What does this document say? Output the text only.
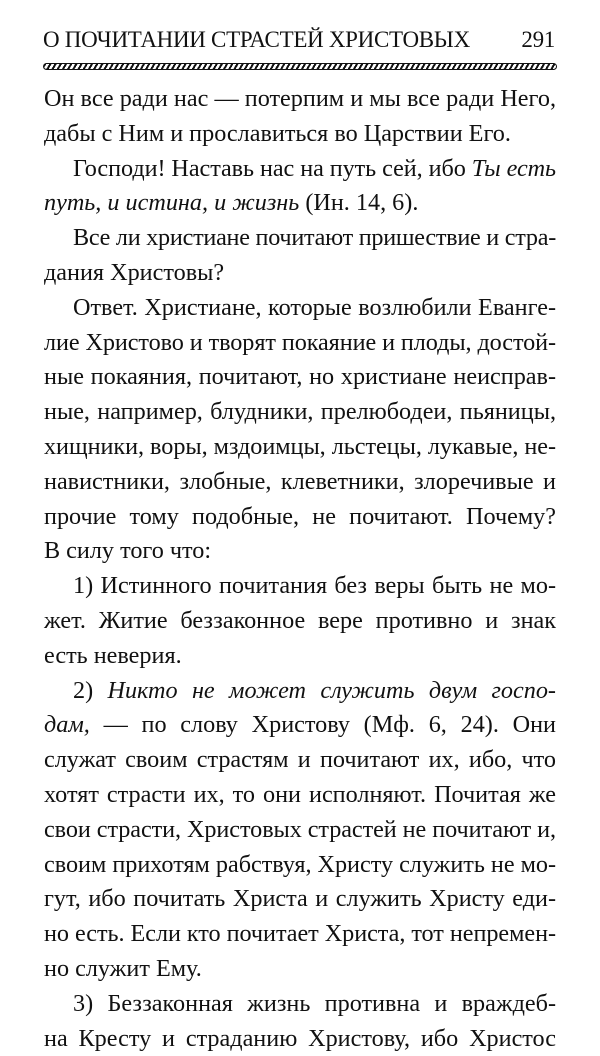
О ПОЧИТАНИИ СТРАСТЕЙ ХРИСТОВЫХ 291
Он все ради нас — потерпим и мы все ради Него,
дабы с Ним и прославиться во Царствии Его.
Господи! Наставь нас на путь сей, ибо Ты есть
путь, и истина, и жизнь (Ин. 14, 6).
Все ли христиане почитают пришествие и стра-
дания Христовы?
Ответ. Христиане, которые возлюбили Еванге-
лие Христово и творят покаяние и плоды, достой-
ные покаяния, почитают, но христиане неисправ-
ные, например, блудники, прелюбодеи, пьяницы,
хищники, воры, мздоимцы, льстецы, лукавые, не-
навистники, злобные, клеветники, злоречивые и
прочие тому подобные, не почитают. Почему?
В силу того что:
1) Истинного почитания без веры быть не мо-
жет. Житие беззаконное вере противно и знак
есть неверия.
2) Никто не может служить двум госпо-
дам, — по слову Христову (Мф. 6, 24). Они
служат своим страстям и почитают их, ибо, что
хотят страсти их, то они исполняют. Почитая же
свои страсти, Христовых страстей не почитают и,
своим прихотям рабствуя, Христу служить не мо-
гут, ибо почитать Христа и служить Христу еди-
но есть. Если кто почитает Христа, тот непремен-
но служит Ему.
3) Беззаконная жизнь противна и враждеб-
на Кресту и страданию Христову, ибо Христос
